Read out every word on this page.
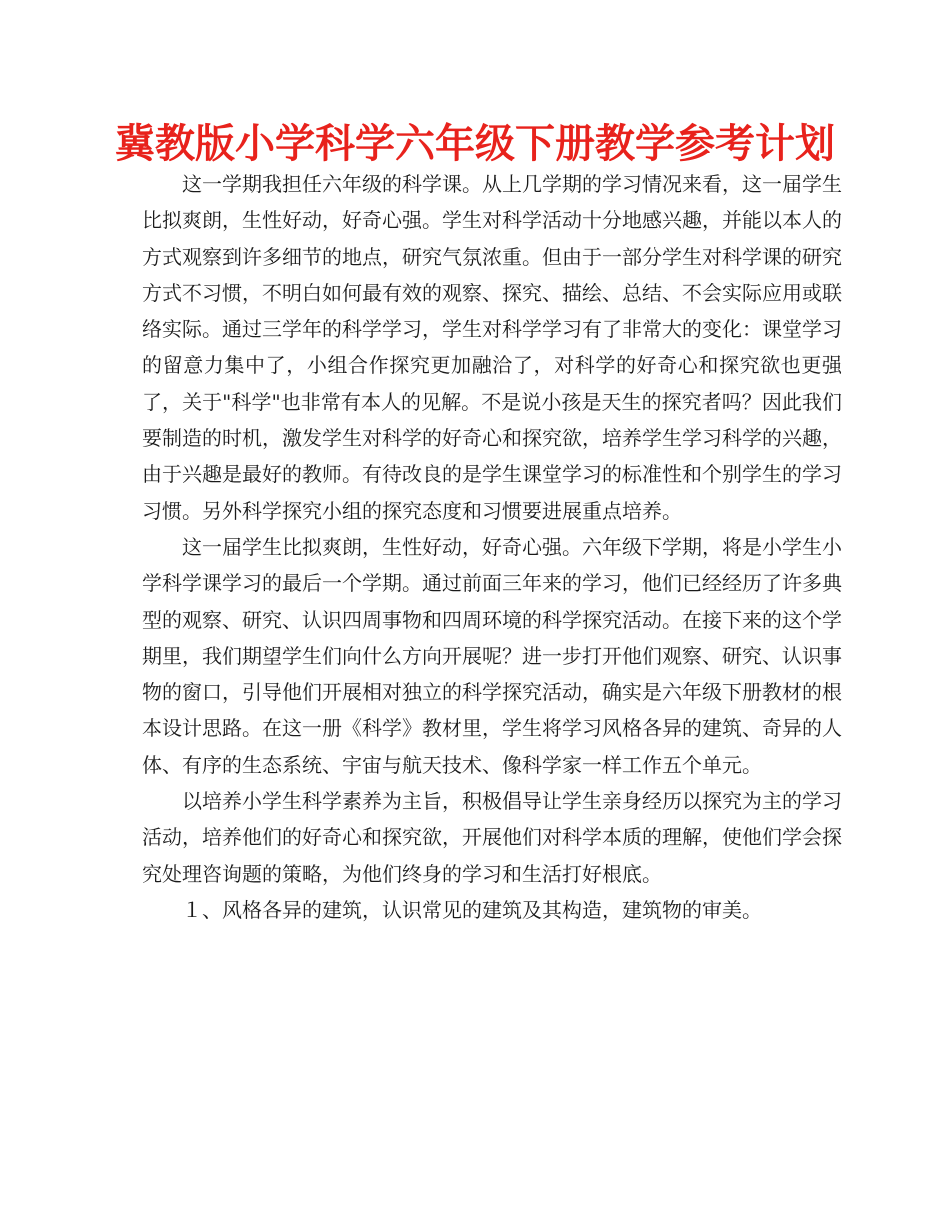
冀教版小学科学六年级下册教学参考计划

这一学期我担任六年级的科学课。从上几学期的学习情况来看，这一届学生比拟爽朗，生性好动，好奇心强。学生对科学活动十分地感兴趣，并能以本人的方式观察到许多细节的地点，研究气氛浓重。但由于一部分学生对科学课的研究方式不习惯，不明白如何最有效的观察、探究、描绘、总结、不会实际应用或联络实际。通过三学年的科学学习，学生对科学学习有了非常大的变化：课堂学习的留意力集中了，小组合作探究更加融洽了，对科学的好奇心和探究欲也更强了，关于"科学"也非常有本人的见解。不是说小孩是天生的探究者吗？因此我们要制造的时机，激发学生对科学的好奇心和探究欲，培养学生学习科学的兴趣，由于兴趣是最好的教师。有待改良的是学生课堂学习的标准性和个别学生的学习习惯。另外科学探究小组的探究态度和习惯要进展重点培养。

这一届学生比拟爽朗，生性好动，好奇心强。六年级下学期，将是小学生小学科学课学习的最后一个学期。通过前面三年来的学习，他们已经经历了许多典型的观察、研究、认识四周事物和四周环境的科学探究活动。在接下来的这个学期里，我们期望学生们向什么方向开展呢？进一步打开他们观察、研究、认识事物的窗口，引导他们开展相对独立的科学探究活动，确实是六年级下册教材的根本设计思路。在这一册《科学》教材里，学生将学习风格各异的建筑、奇异的人体、有序的生态系统、宇宙与航天技术、像科学家一样工作五个单元。

以培养小学生科学素养为主旨，积极倡导让学生亲身经历以探究为主的学习活动，培养他们的好奇心和探究欲，开展他们对科学本质的理解，使他们学会探究处理咨询题的策略，为他们终身的学习和生活打好根底。

１、风格各异的建筑，认识常见的建筑及其构造，建筑物的审美。
